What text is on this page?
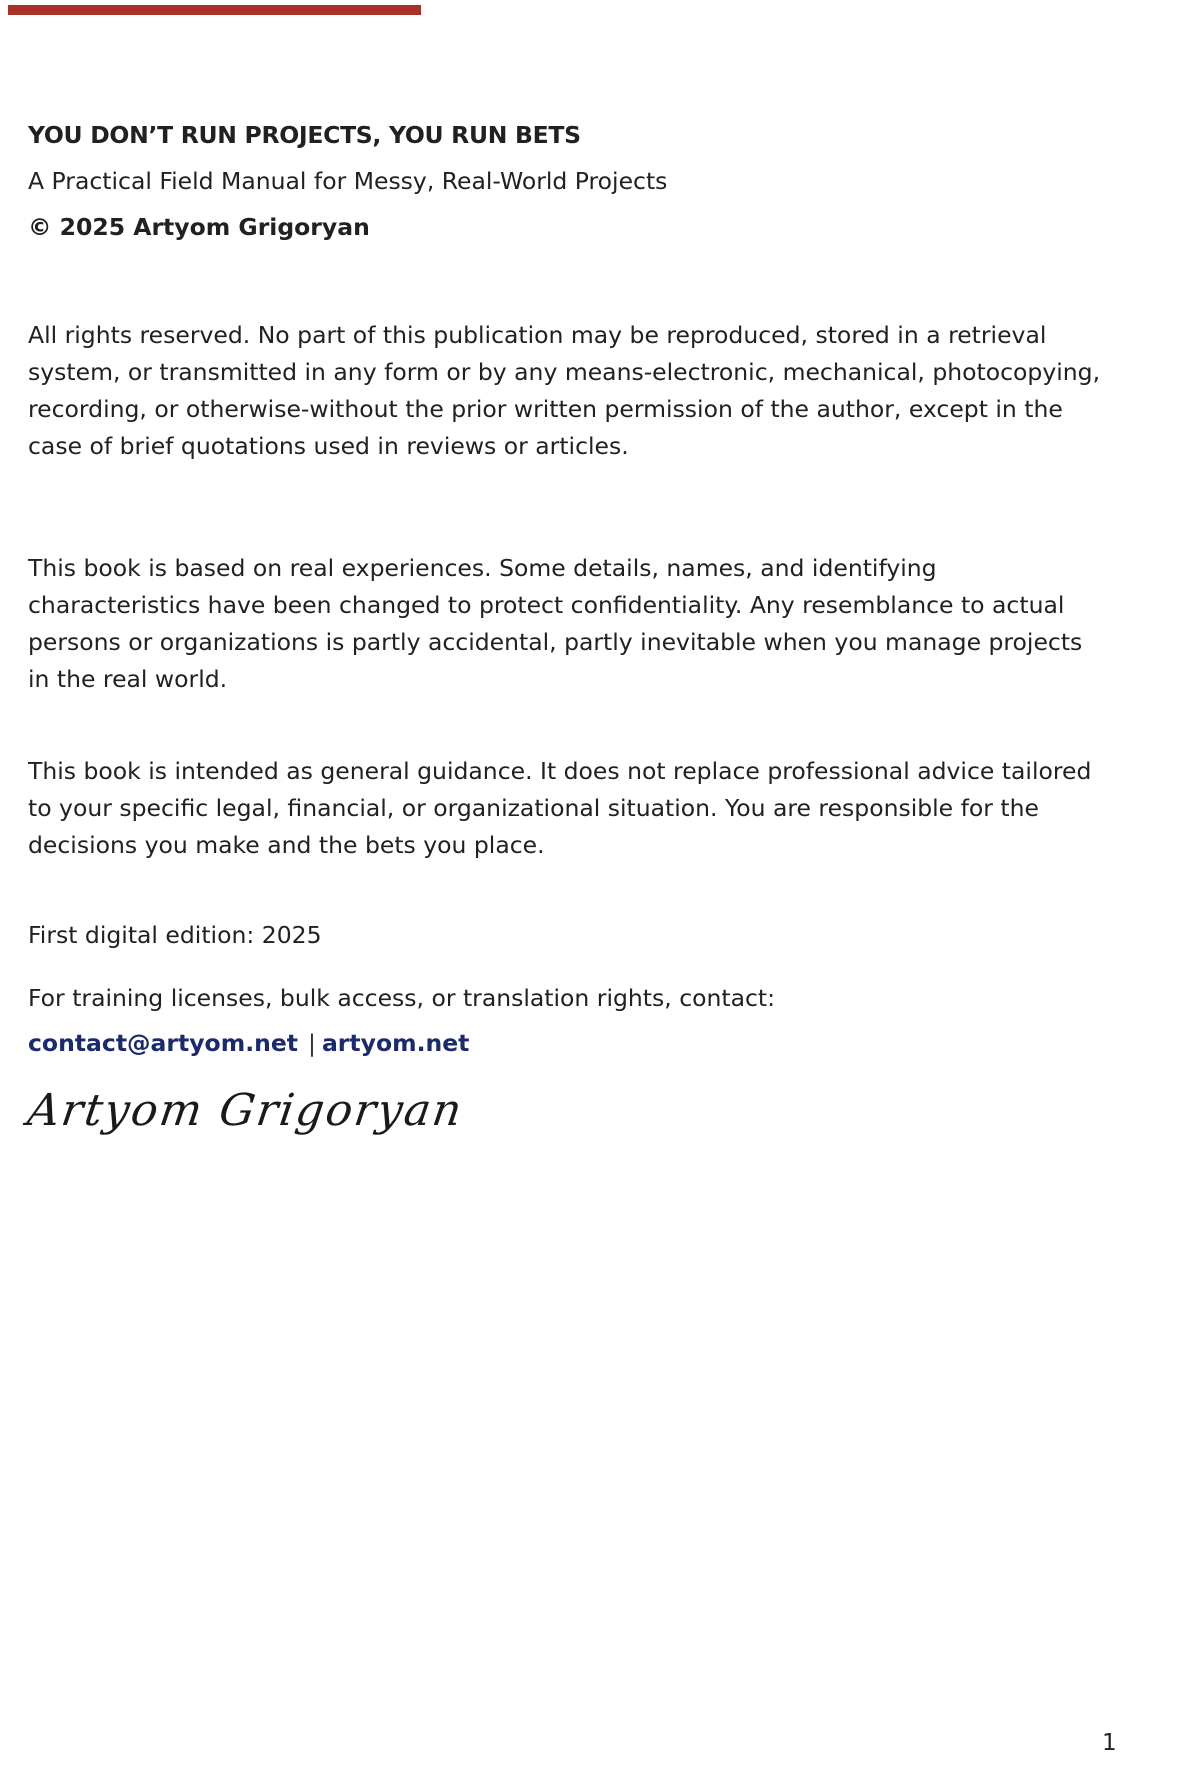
YOU DON’T RUN PROJECTS, YOU RUN BETS
A Practical Field Manual for Messy, Real-World Projects
© 2025 Artyom Grigoryan
All rights reserved. No part of this publication may be reproduced, stored in a retrieval
system, or transmitted in any form or by any means-electronic, mechanical, photocopying,
recording, or otherwise-without the prior written permission of the author, except in the
case of brief quotations used in reviews or articles.
This book is based on real experiences. Some details, names, and identifying
characteristics have been changed to protect confidentiality. Any resemblance to actual
persons or organizations is partly accidental, partly inevitable when you manage projects
in the real world.
This book is intended as general guidance. It does not replace professional advice tailored
to your specific legal, financial, or organizational situation. You are responsible for the
decisions you make and the bets you place.
First digital edition: 2025
For training licenses, bulk access, or translation rights, contact:
contact@artyom.net | artyom.net
Artyom Grigoryan
1
